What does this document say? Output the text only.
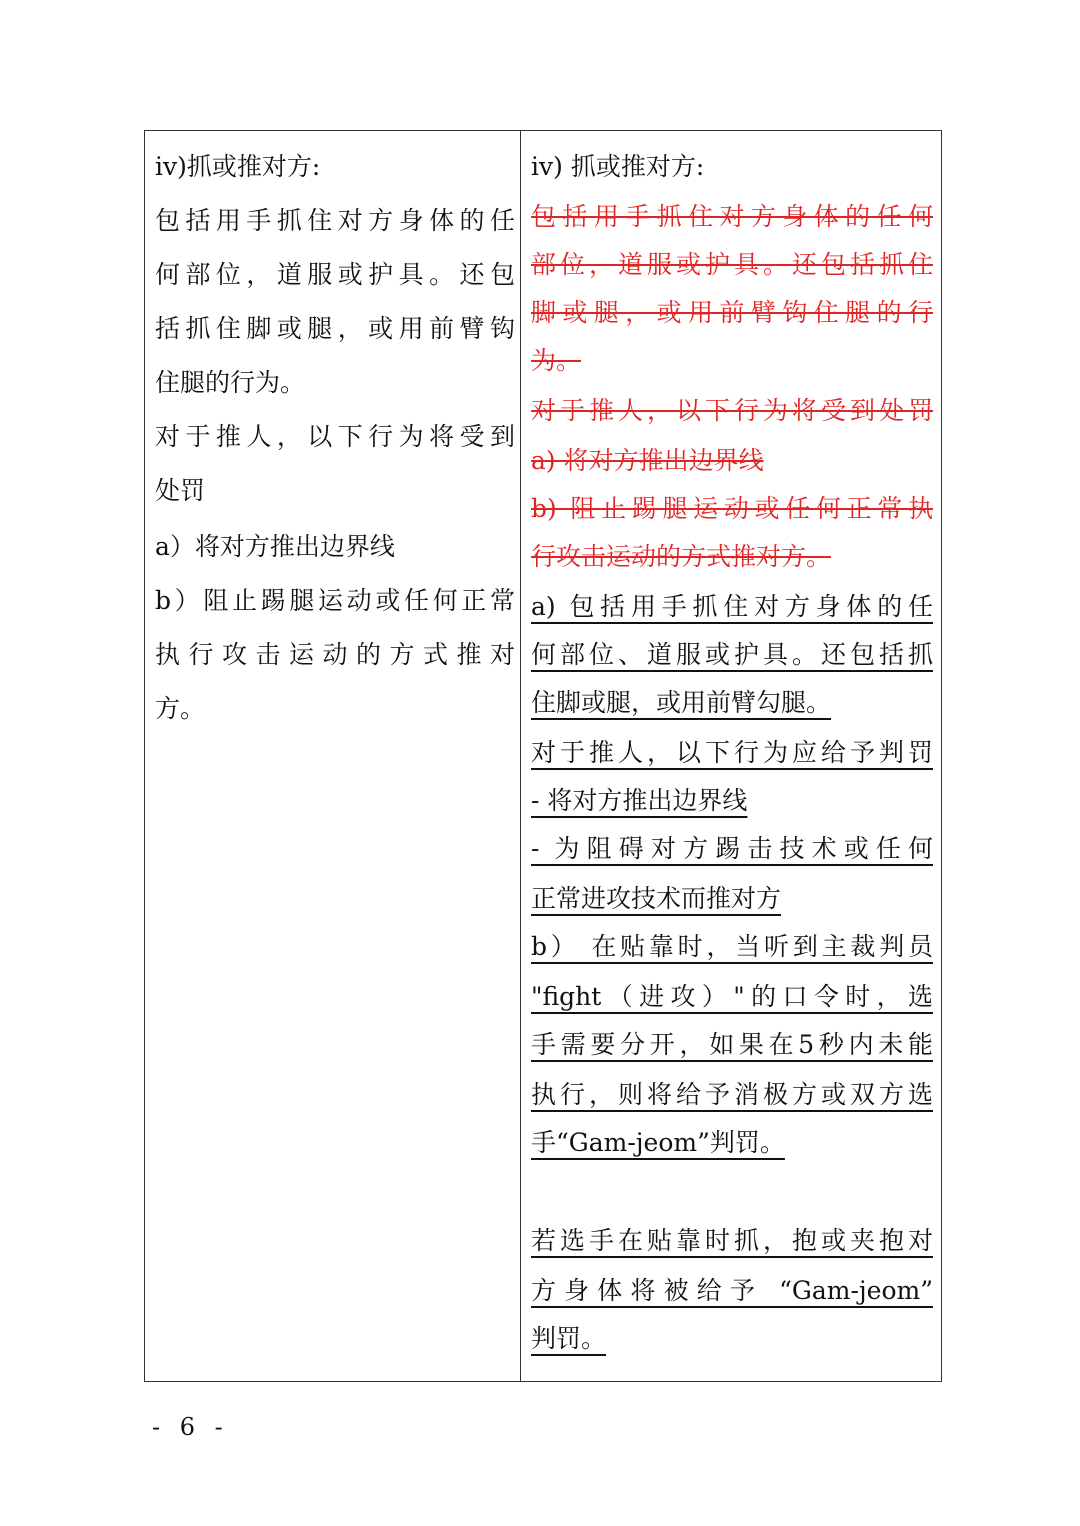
iv)抓或推对方:
包括用手抓住对方身体的任
何部位，道服或护具。还包
括抓住脚或腿，或用前臂钩
住腿的行为。
对于推人，以下行为将受到
处罚
a）将对方推出边界线
b）阻止踢腿运动或任何正常
执行攻击运动的方式推对
方。
iv) 抓或推对方:
包括用手抓住对方身体的任何
部位，道服或护具。还包括抓住
脚或腿，或用前臂钩住腿的行
为。
对于推人，以下行为将受到处罚
a) 将对方推出边界线
b) 阻止踢腿运动或任何正常执
行攻击运动的方式推对方。
a) 包括用手抓住对方身体的任
何部位、道服或护具。还包括抓
住脚或腿，或用前臂勾腿。
对于推人，以下行为应给予判罚
- 将对方推出边界线
- 为阻碍对方踢击技术或任何
正常进攻技术而推对方
b） 在贴靠时，当听到主裁判员
"fight（进攻）"的口令时，选
手需要分开，如果在5秒内未能
执行，则将给予消极方或双方选
手“Gam-jeom”判罚。
若选手在贴靠时抓，抱或夹抱对
方身体将被给予 “Gam-jeom”
判罚。
- 6 -
